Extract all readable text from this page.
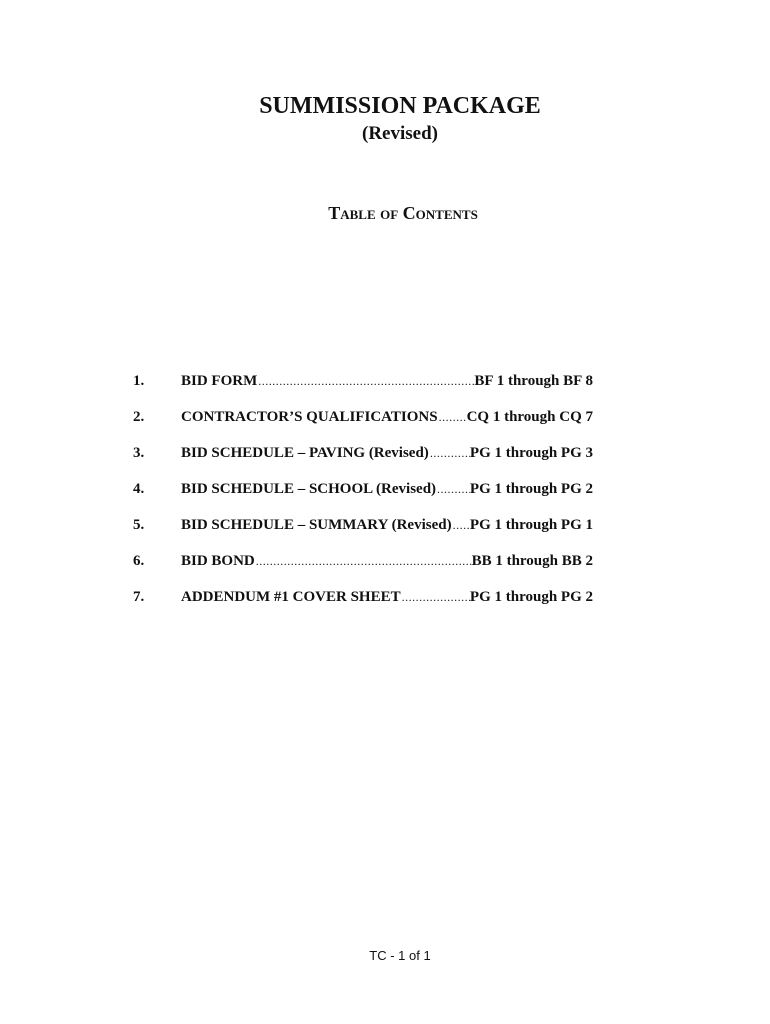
SUMMISSION PACKAGE
(Revised)
Table of Contents
1. BID FORM .....	BF 1 through BF 8
2. CONTRACTOR’S QUALIFICATIONS ..... CQ 1 through CQ 7
3. BID SCHEDULE – PAVING (Revised) .....	PG 1 through PG 3
4. BID SCHEDULE – SCHOOL (Revised) ..... PG 1 through PG 2
5. BID SCHEDULE – SUMMARY (Revised) ..... PG 1 through PG 1
6. BID BOND .....	BB 1 through BB 2
7. ADDENDUM #1 COVER SHEET .....	PG 1 through PG 2
TC - 1 of 1
